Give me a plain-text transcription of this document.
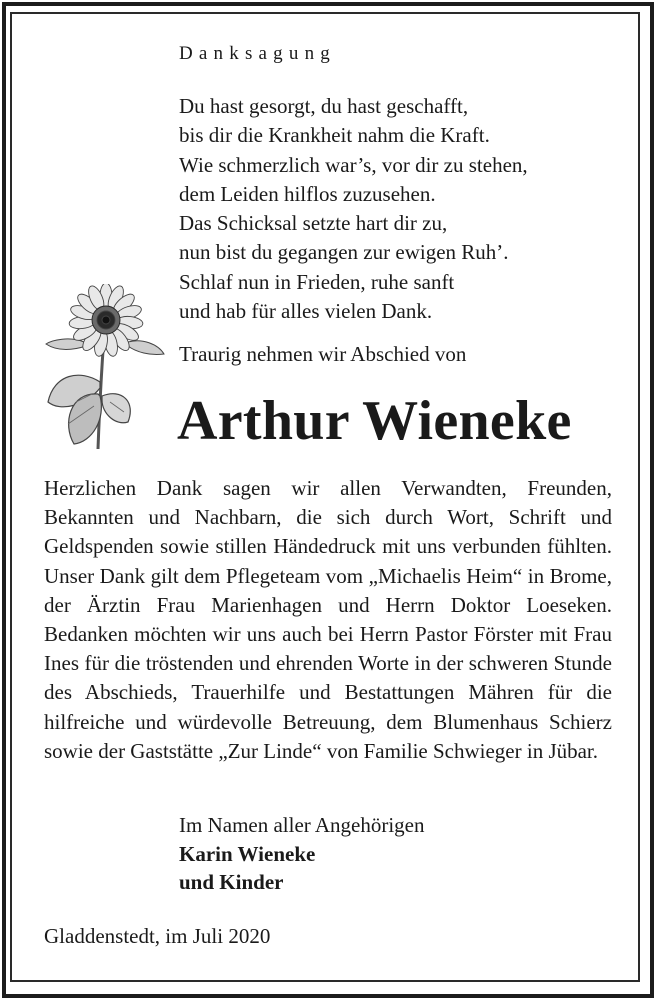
Danksagung
Du hast gesorgt, du hast geschafft,
bis dir die Krankheit nahm die Kraft.
Wie schmerzlich war’s, vor dir zu stehen,
dem Leiden hilflos zuzusehen.
Das Schicksal setzte hart dir zu,
nun bist du gegangen zur ewigen Ruh’.
Schlaf nun in Frieden, ruhe sanft
und hab für alles vielen Dank.
Traurig nehmen wir Abschied von
Arthur Wieneke
Herzlichen Dank sagen wir allen Verwandten, Freunden, Bekannten und Nachbarn, die sich durch Wort, Schrift und Geldspenden sowie stillen Händedruck mit uns verbunden fühlten. Unser Dank gilt dem Pflegeteam vom „Michaelis Heim“ in Brome, der Ärztin Frau Marienhagen und Herrn Doktor Loeseken. Bedanken möchten wir uns auch bei Herrn Pastor Förster mit Frau Ines für die tröstenden und ehrenden Worte in der schweren Stunde des Abschieds, Trauerhilfe und Bestattungen Mähren für die hilfreiche und würdevolle Betreuung, dem Blumenhaus Schierz sowie der Gaststätte „Zur Linde“ von Familie Schwieger in Jübar.
Im Namen aller Angehörigen
Karin Wieneke
und Kinder
Gladdenstedt, im Juli 2020
